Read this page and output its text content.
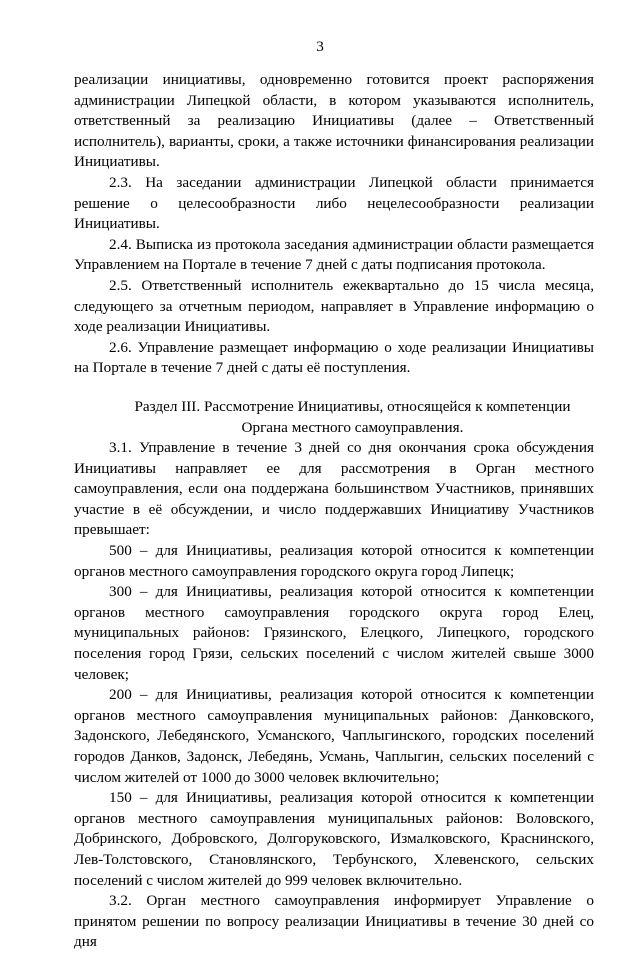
3

реализации инициативы, одновременно готовится проект распоряжения администрации Липецкой области, в котором указываются исполнитель, ответственный за реализацию Инициативы (далее – Ответственный исполнитель), варианты, сроки, а также источники финансирования реализации Инициативы.

2.3. На заседании администрации Липецкой области принимается решение о целесообразности либо нецелесообразности реализации Инициативы.

2.4. Выписка из протокола заседания администрации области размещается Управлением на Портале в течение 7 дней с даты подписания протокола.

2.5. Ответственный исполнитель ежеквартально до 15 числа месяца, следующего за отчетным периодом, направляет в Управление информацию о ходе реализации Инициативы.

2.6. Управление размещает информацию о ходе реализации Инициативы на Портале в течение 7 дней с даты её поступления.

Раздел III. Рассмотрение Инициативы, относящейся к компетенции
Органа местного самоуправления.

3.1. Управление в течение 3 дней со дня окончания срока обсуждения Инициативы направляет ее для рассмотрения в Орган местного самоуправления, если она поддержана большинством Участников, принявших участие в её обсуждении, и число поддержавших Инициативу Участников превышает:

500 – для Инициативы, реализация которой относится к компетенции органов местного самоуправления городского округа город Липецк;

300 – для Инициативы, реализация которой относится к компетенции органов местного самоуправления городского округа город Елец, муниципальных районов: Грязинского, Елецкого, Липецкого, городского поселения город Грязи, сельских поселений с числом жителей свыше 3000 человек;

200 – для Инициативы, реализация которой относится к компетенции органов местного самоуправления муниципальных районов: Данковского, Задонского, Лебедянского, Усманского, Чаплыгинского, городских поселений городов Данков, Задонск, Лебедянь, Усмань, Чаплыгин, сельских поселений с числом жителей от 1000 до 3000 человек включительно;

150 – для Инициативы, реализация которой относится к компетенции органов местного самоуправления муниципальных районов: Воловского, Добринского, Добровского, Долгоруковского, Измалковского, Краснинского, Лев-Толстовского, Становлянского, Тербунского, Хлевенского, сельских поселений с числом жителей до 999 человек включительно.

3.2. Орган местного самоуправления информирует Управление о принятом решении по вопросу реализации Инициативы в течение 30 дней со дня
